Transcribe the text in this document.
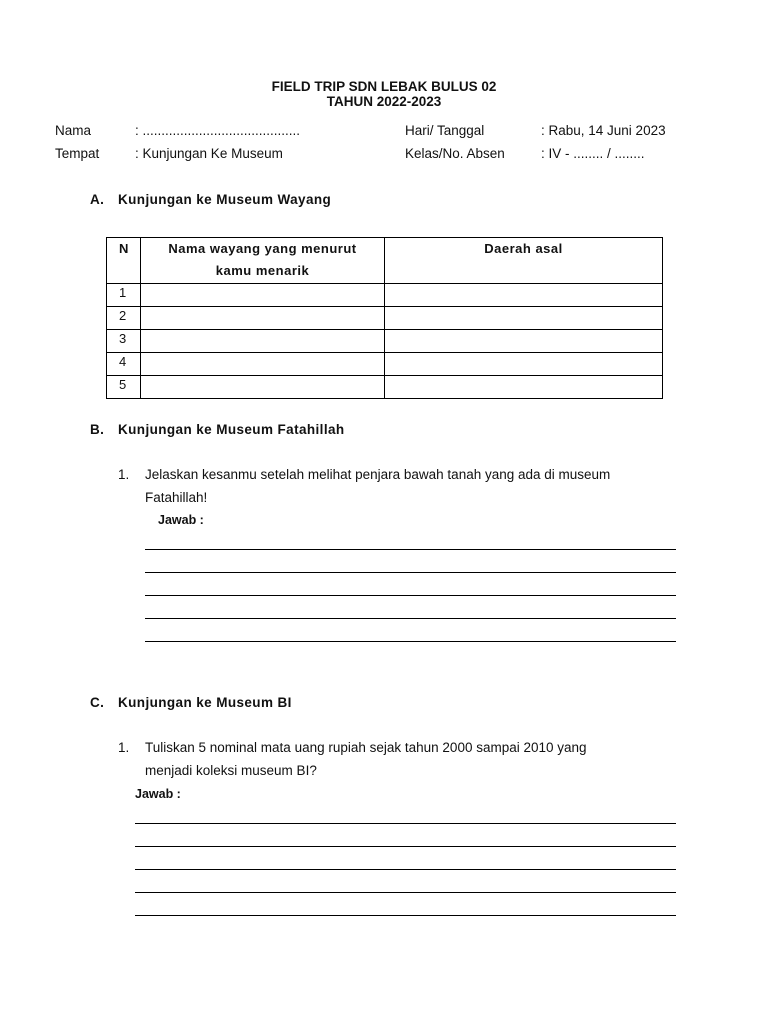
FIELD TRIP SDN LEBAK BULUS 02
TAHUN 2022-2023
Nama	: ..........................................	Hari/ Tanggal	: Rabu, 14 Juni 2023
Tempat	: Kunjungan Ke Museum	Kelas/No. Absen	: IV - ........ / ........
A. Kunjungan ke Museum Wayang
N	Nama wayang yang menurut kamu menarik	Daerah asal
1		
2		
3		
4		
5		
B. Kunjungan ke Museum Fatahillah
1. Jelaskan kesanmu setelah melihat penjara bawah tanah yang ada di museum
Fatahillah!
Jawab :
C. Kunjungan ke Museum BI
1. Tuliskan 5 nominal mata uang rupiah sejak tahun 2000 sampai 2010 yang
menjadi koleksi museum BI?
Jawab :
